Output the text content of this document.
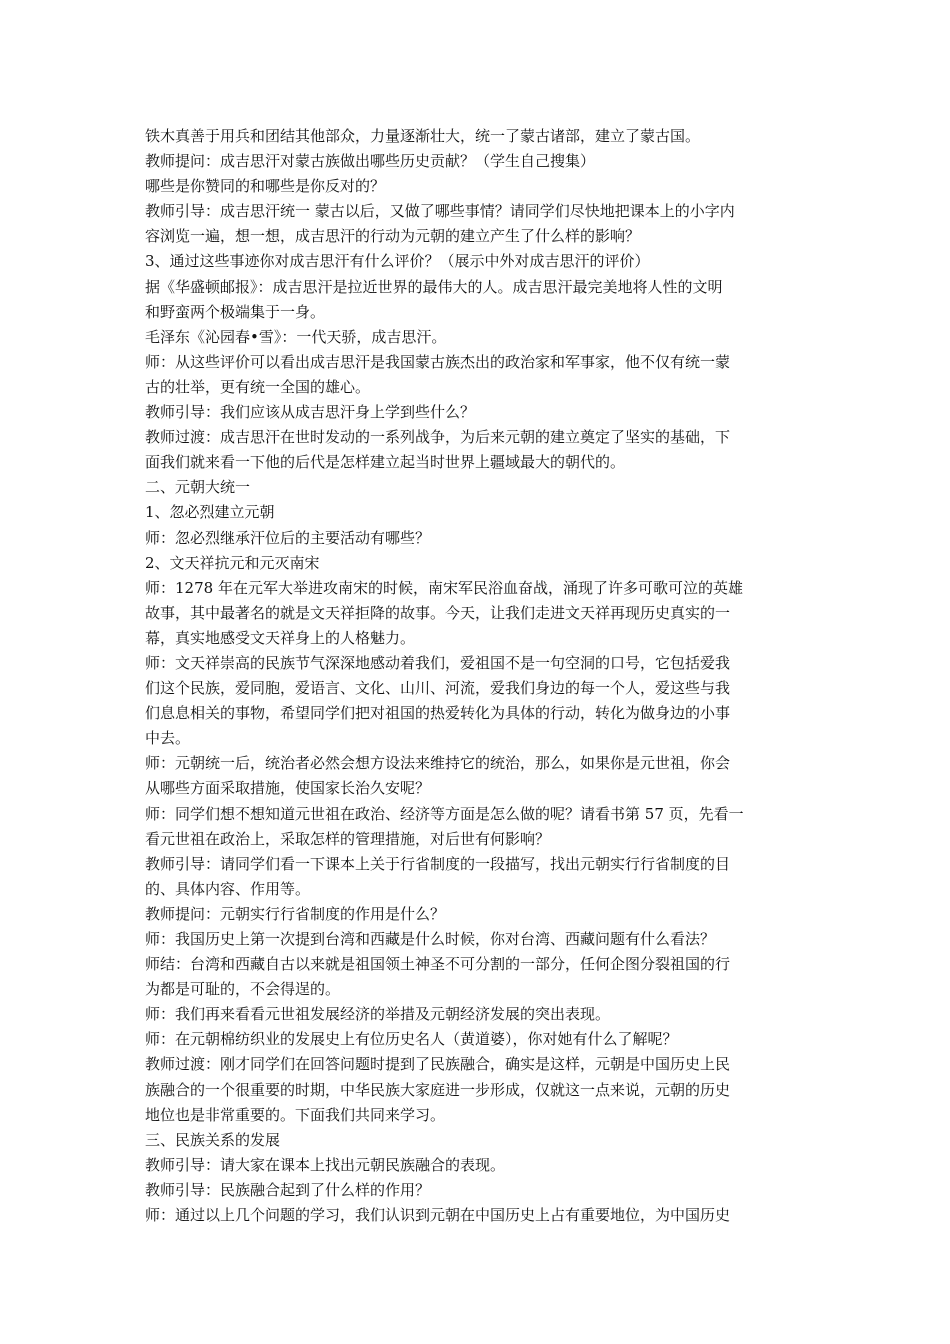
铁木真善于用兵和团结其他部众，力量逐渐壮大，统一了蒙古诸部，建立了蒙古国。
教师提问：成吉思汗对蒙古族做出哪些历史贡献？（学生自己搜集）
哪些是你赞同的和哪些是你反对的？
教师引导：成吉思汗统一 蒙古以后，又做了哪些事情？请同学们尽快地把课本上的小字内
容浏览一遍，想一想，成吉思汗的行动为元朝的建立产生了什么样的影响？
3、通过这些事迹你对成吉思汗有什么评价？（展示中外对成吉思汗的评价）
据《华盛顿邮报》：成吉思汗是拉近世界的最伟大的人。成吉思汗最完美地将人性的文明
和野蛮两个极端集于一身。
毛泽东《沁园春•雪》：一代天骄，成吉思汗。
师：从这些评价可以看出成吉思汗是我国蒙古族杰出的政治家和军事家，他不仅有统一蒙
古的壮举，更有统一全国的雄心。
教师引导：我们应该从成吉思汗身上学到些什么？
教师过渡：成吉思汗在世时发动的一系列战争，为后来元朝的建立奠定了坚实的基础，下
面我们就来看一下他的后代是怎样建立起当时世界上疆域最大的朝代的。
二、元朝大统一
1、忽必烈建立元朝
师：忽必烈继承汗位后的主要活动有哪些？
2、文天祥抗元和元灭南宋
师：1278 年在元军大举进攻南宋的时候，南宋军民浴血奋战，涌现了许多可歌可泣的英雄
故事，其中最著名的就是文天祥拒降的故事。今天，让我们走进文天祥再现历史真实的一
幕，真实地感受文天祥身上的人格魅力。
师：文天祥崇高的民族节气深深地感动着我们，爱祖国不是一句空洞的口号，它包括爱我
们这个民族，爱同胞，爱语言、文化、山川、河流，爱我们身边的每一个人，爱这些与我
们息息相关的事物，希望同学们把对祖国的热爱转化为具体的行动，转化为做身边的小事
中去。
师：元朝统一后，统治者必然会想方设法来维持它的统治，那么，如果你是元世祖，你会
从哪些方面采取措施，使国家长治久安呢？
师：同学们想不想知道元世祖在政治、经济等方面是怎么做的呢？请看书第 57 页，先看一
看元世祖在政治上，采取怎样的管理措施，对后世有何影响？
教师引导：请同学们看一下课本上关于行省制度的一段描写，找出元朝实行行省制度的目
的、具体内容、作用等。
教师提问：元朝实行行省制度的作用是什么？
师：我国历史上第一次提到台湾和西藏是什么时候，你对台湾、西藏问题有什么看法？
师结：台湾和西藏自古以来就是祖国领土神圣不可分割的一部分，任何企图分裂祖国的行
为都是可耻的，不会得逞的。
师：我们再来看看元世祖发展经济的举措及元朝经济发展的突出表现。
师：在元朝棉纺织业的发展史上有位历史名人（黄道婆），你对她有什么了解呢？
教师过渡：刚才同学们在回答问题时提到了民族融合，确实是这样，元朝是中国历史上民
族融合的一个很重要的时期，中华民族大家庭进一步形成，仅就这一点来说，元朝的历史
地位也是非常重要的。下面我们共同来学习。
三、民族关系的发展
教师引导：请大家在课本上找出元朝民族融合的表现。
教师引导：民族融合起到了什么样的作用？
师：通过以上几个问题的学习，我们认识到元朝在中国历史上占有重要地位，为中国历史
